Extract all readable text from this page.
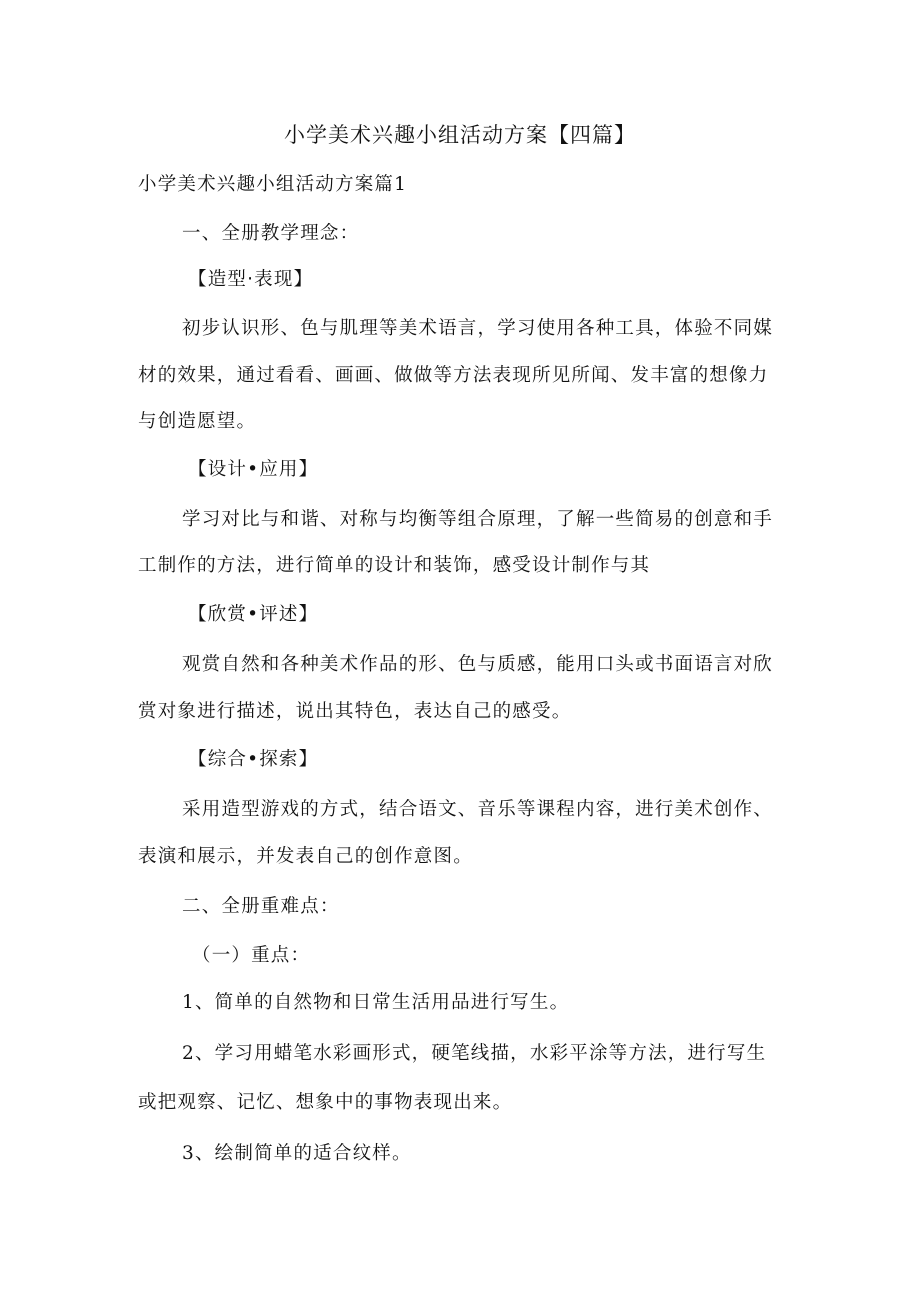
小学美术兴趣小组活动方案【四篇】
小学美术兴趣小组活动方案篇1
一、全册教学理念：
【造型·表现】
初步认识形、色与肌理等美术语言，学习使用各种工具，体验不同媒
材的效果，通过看看、画画、做做等方法表现所见所闻、发丰富的想像力
与创造愿望。
【设计•应用】
学习对比与和谐、对称与均衡等组合原理，了解一些简易的创意和手
工制作的方法，进行简单的设计和装饰，感受设计制作与其
【欣赏•评述】
观赏自然和各种美术作品的形、色与质感，能用口头或书面语言对欣
赏对象进行描述，说出其特色，表达自己的感受。
【综合•探索】
采用造型游戏的方式，结合语文、音乐等课程内容，进行美术创作、
表演和展示，并发表自己的创作意图。
二、全册重难点：
（一）重点：
1、简单的自然物和日常生活用品进行写生。
2、学习用蜡笔水彩画形式，硬笔线描，水彩平涂等方法，进行写生
或把观察、记忆、想象中的事物表现出来。
3、绘制简单的适合纹样。
